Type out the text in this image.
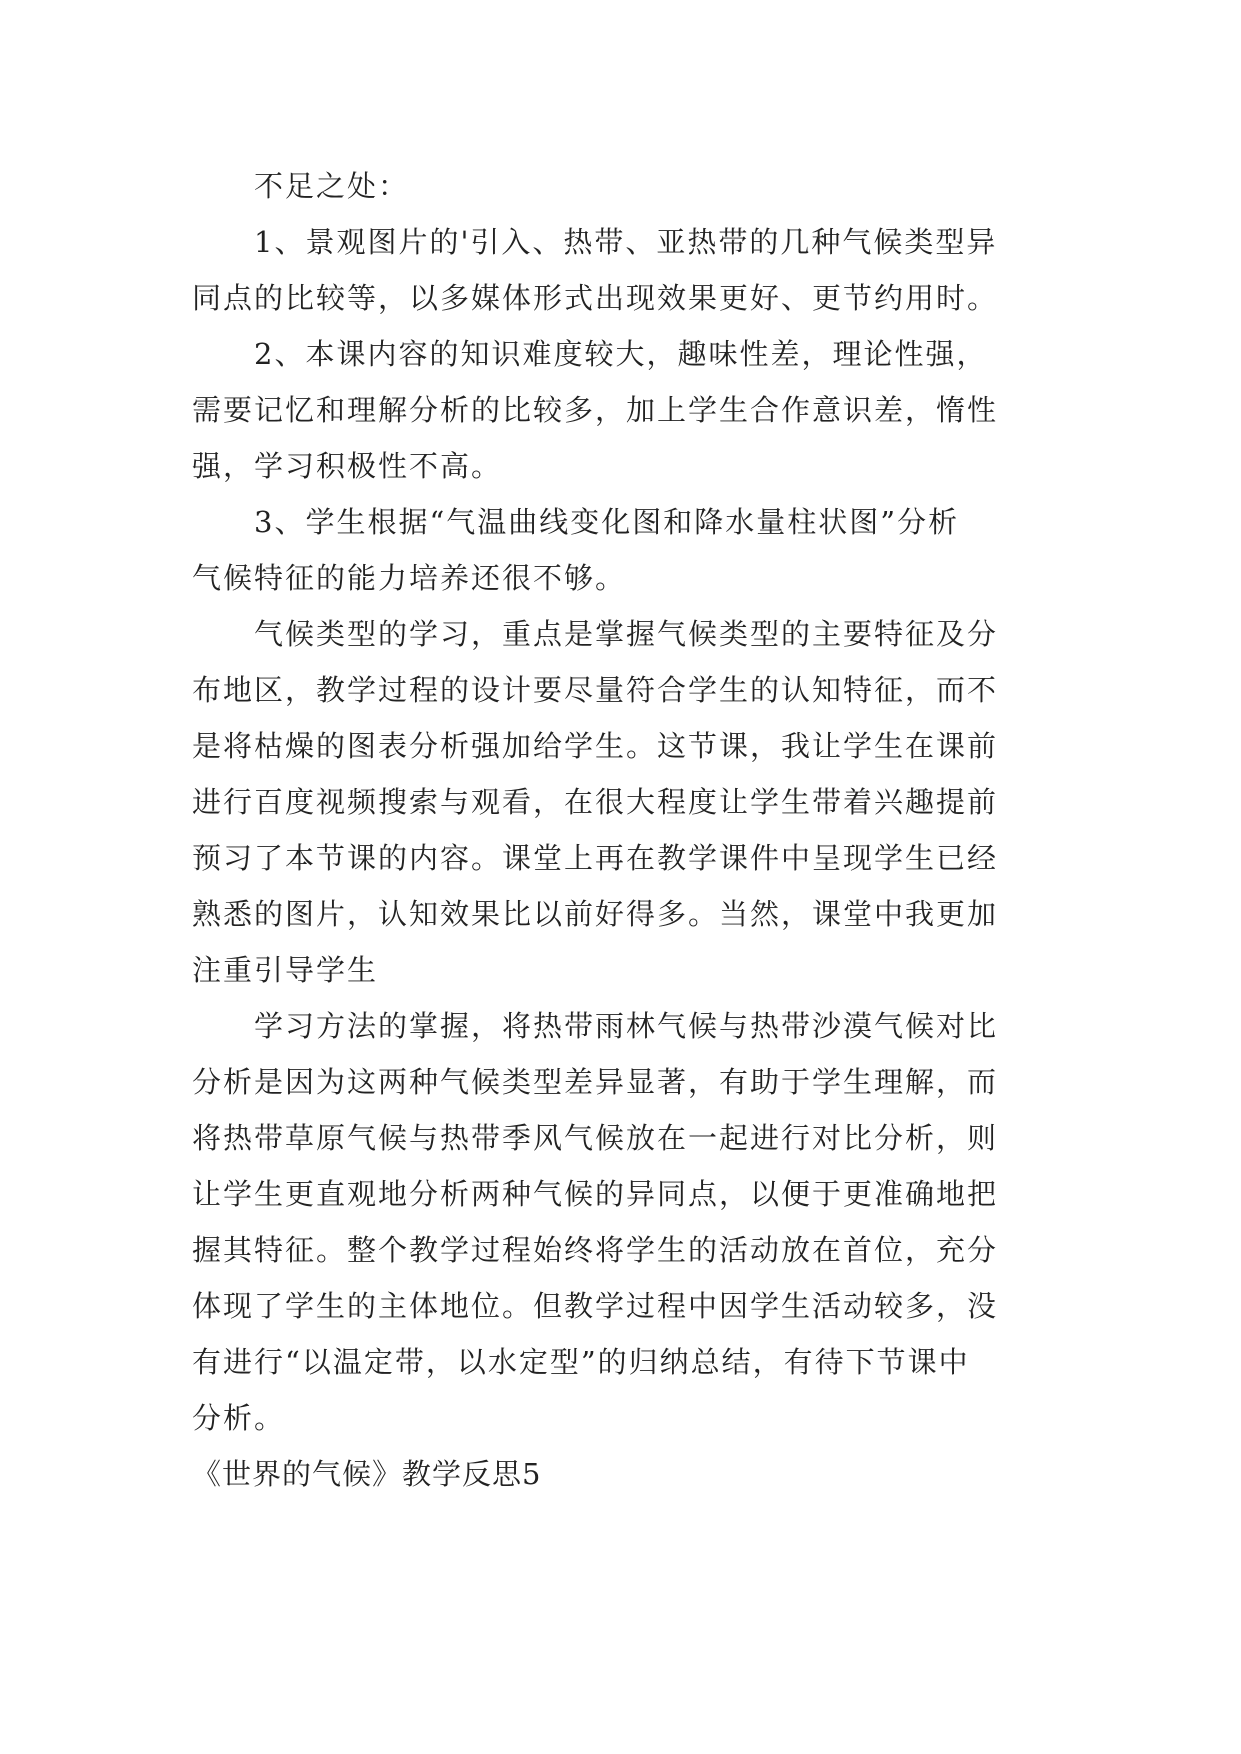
不足之处：
1、景观图片的'引入、热带、亚热带的几种气候类型异
同点的比较等，以多媒体形式出现效果更好、更节约用时。
2、本课内容的知识难度较大，趣味性差，理论性强，
需要记忆和理解分析的比较多，加上学生合作意识差，惰性
强，学习积极性不高。
3、学生根据“气温曲线变化图和降水量柱状图”分析
气候特征的能力培养还很不够。
气候类型的学习，重点是掌握气候类型的主要特征及分
布地区，教学过程的设计要尽量符合学生的认知特征，而不
是将枯燥的图表分析强加给学生。这节课，我让学生在课前
进行百度视频搜索与观看，在很大程度让学生带着兴趣提前
预习了本节课的内容。课堂上再在教学课件中呈现学生已经
熟悉的图片，认知效果比以前好得多。当然，课堂中我更加
注重引导学生
学习方法的掌握，将热带雨林气候与热带沙漠气候对比
分析是因为这两种气候类型差异显著，有助于学生理解，而
将热带草原气候与热带季风气候放在一起进行对比分析，则
让学生更直观地分析两种气候的异同点，以便于更准确地把
握其特征。整个教学过程始终将学生的活动放在首位，充分
体现了学生的主体地位。但教学过程中因学生活动较多，没
有进行“以温定带，以水定型”的归纳总结，有待下节课中
分析。
《世界的气候》教学反思5
